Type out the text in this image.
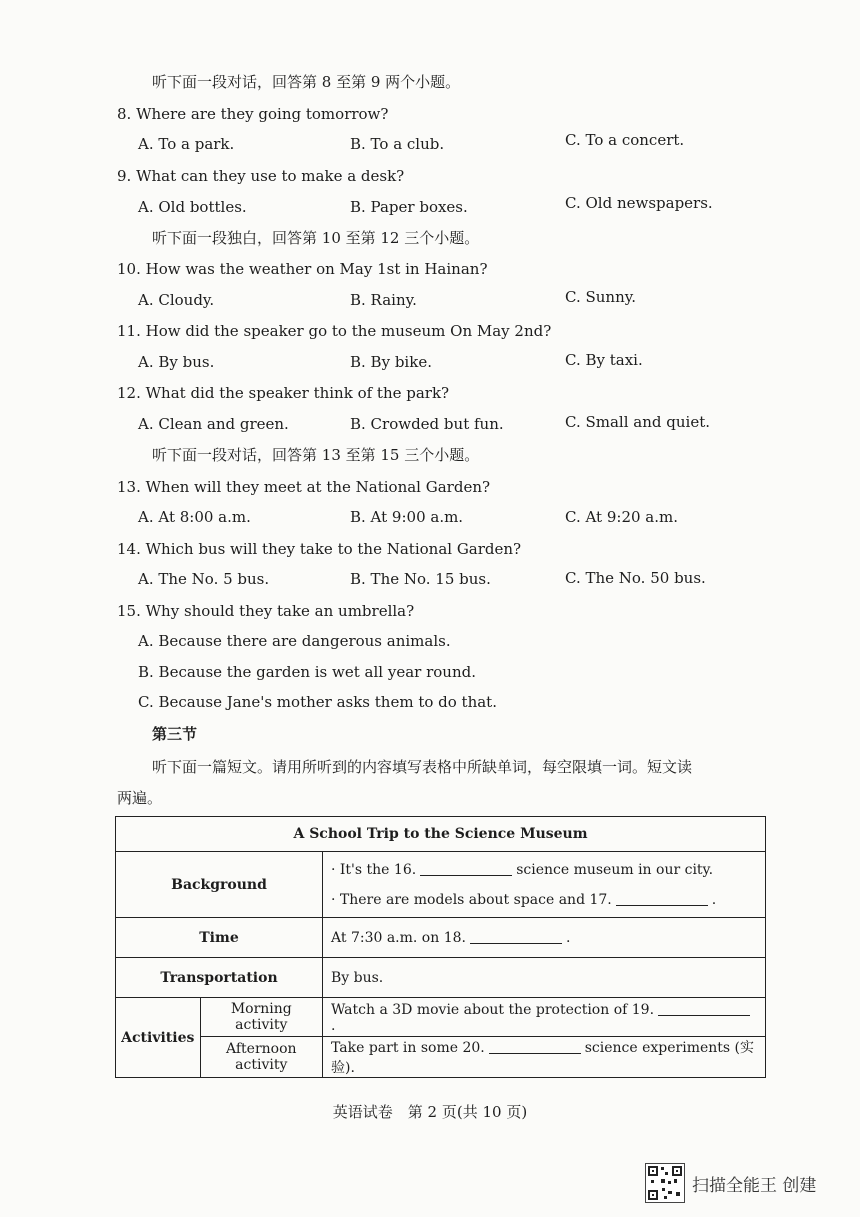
听下面一段对话，回答第 8 至第 9 两个小题。
8. Where are they going tomorrow?
A. To a park.	B. To a club.	C. To a concert.
9. What can they use to make a desk?
A. Old bottles.	B. Paper boxes.	C. Old newspapers.
听下面一段独白，回答第 10 至第 12 三个小题。
10. How was the weather on May 1st in Hainan?
A. Cloudy.	B. Rainy.	C. Sunny.
11. How did the speaker go to the museum On May 2nd?
A. By bus.	B. By bike.	C. By taxi.
12. What did the speaker think of the park?
A. Clean and green.	B. Crowded but fun.	C. Small and quiet.
听下面一段对话，回答第 13 至第 15 三个小题。
13. When will they meet at the National Garden?
A. At 8:00 a.m.	B. At 9:00 a.m.	C. At 9:20 a.m.
14. Which bus will they take to the National Garden?
A. The No. 5 bus.	B. The No. 15 bus.	C. The No. 50 bus.
15. Why should they take an umbrella?
A. Because there are dangerous animals.
B. Because the garden is wet all year round.
C. Because Jane's mother asks them to do that.
第三节
听下面一篇短文。请用所听到的内容填写表格中所缺单词，每空限填一词。短文读
两遍。
A School Trip to the Science Museum		
Background		· It's the 16. science museum in our city.
· There are models about space and 17. .

Time		At 7:30 a.m. on 18. .
Transportation		By bus.
Activities	Morning activity	Watch a 3D movie about the protection of 19..
	Afternoon activity	Take part in some 20. science experiments (实验).
英语试卷　第 2 页(共 10 页)
扫描全能王 创建
